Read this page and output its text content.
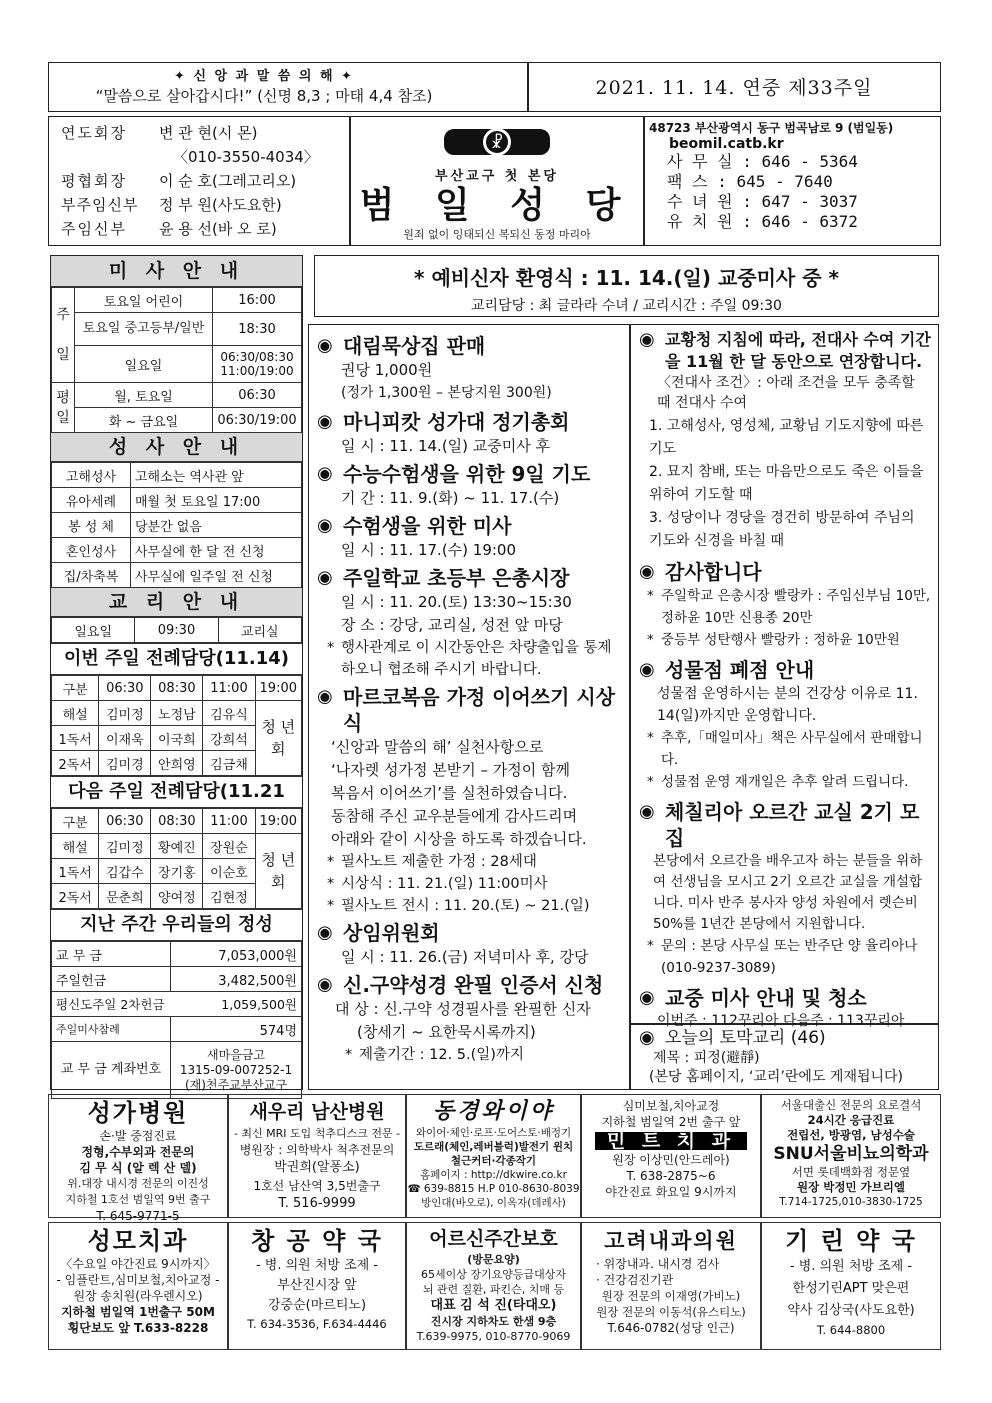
✦ 신 앙 과 말 씀 의 해 ✦
“말씀으로 살아갑시다!” (신명 8,3 ; 마태 4,4 참조)	2021. 11. 14. 연중 제33주일
연도회장 변 관 현(시 몬)
〈010-3550-4034〉
평협회장 이 순 호(그레고리오)
부주임신부 정 부 원(사도요한)
주임신부 윤 용 선(바 오 로)
☧
부산교구 첫 본당
범 일 성 당
원죄 없이 잉태되신 복되신 동정 마리아
48723 부산광역시 동구 범곡남로 9 (범일동)
beomil.catb.kr
사 무 실 : 646 - 5364
팩 스 : 645 - 7640
수 녀 원 : 647 - 3037
유 치 원 : 646 - 6372
미 사 안 내
주 일	토요일 어린이	16:00
	토요일 중고등부/일반	18:30
	일요일	06:30/08:30 11:00/19:00
평 일	월, 토요일	06:30
	화 ~ 금요일	06:30/19:00
성 사 안 내
고해성사	고해소는 역사관 앞
유아세례	매월 첫 토요일 17:00
봉 성 체	당분간 없음
혼인성사	사무실에 한 달 전 신청
집/차축복	사무실에 일주일 전 신청
교 리 안 내
일요일	09:30	교리실
이번 주일 전례담당(11.14)
구분	06:30	08:30	11:00	19:00
해설	김미정	노정남	김유식	청 년 회
1독서	이재욱	이국희	강희석	
2독서	김미경	안희영	김금채	
다음 주일 전례담당(11.21
구분	06:30	08:30	11:00	19:00
해설	김미정	황예진	장원순	청 년 회
1독서	김갑수	장기홍	이순호	
2독서	문춘희	양여정	김현정	
지난 주간 우리들의 정성
교 무 금	7,053,000원
주일헌금	3,482,500원
평신도주일 2차헌금 1,059,500원	

주일미사참례	574명
교 무 금 계좌번호	새마을금고
1315-09-007252-1
(재)천주교부산교구
* 예비신자 환영식 : 11. 14.(일) 교중미사 중 *
교리담당 : 최 글라라 수녀 / 교리시간 : 주일 09:30
◉ 대림묵상집 판매
권당 1,000원
(정가 1,300원 – 본당지원 300원)
◉ 마니피캇 성가대 정기총회
일 시 : 11. 14.(일) 교중미사 후
◉ 수능수험생을 위한 9일 기도
기 간 : 11. 9.(화) ~ 11. 17.(수)
◉ 수험생을 위한 미사
일 시 : 11. 17.(수) 19:00
◉ 주일학교 초등부 은총시장
일 시 : 11. 20.(토) 13:30~15:30
장 소 : 강당, 교리실, 성전 앞 마당
* 행사관계로 이 시간동안은 차량출입을 통제하오니 협조해 주시기 바랍니다.
◉ 마르코복음 가정 이어쓰기 시상식
‘신앙과 말씀의 해’ 실천사항으로
‘나자렛 성가정 본받기 – 가정이 함께
복음서 이어쓰기’를 실천하였습니다.
동참해 주신 교우분들에게 감사드리며
아래와 같이 시상을 하도록 하겠습니다.
* 필사노트 제출한 가정 : 28세대
* 시상식 : 11. 21.(일) 11:00미사
* 필사노트 전시 : 11. 20.(토) ~ 21.(일)
◉ 상임위원회
일 시 : 11. 26.(금) 저녁미사 후, 강당
◉ 신.구약성경 완필 인증서 신청
대 상 : 신.구약 성경필사를 완필한 신자
(창세기 ~ 요한묵시록까지)
* 제출기간 : 12. 5.(일)까지
◉ 교황청 지침에 따라, 전대사 수여 기간을 11월 한 달 동안으로 연장합니다.
〈전대사 조건〉: 아래 조건을 모두 충족할 때 전대사 수여
1. 고해성사, 영성체, 교황님 기도지향에 따른 기도
2. 묘지 참배, 또는 마음만으로도 죽은 이들을 위하여 기도할 때
3. 성당이나 경당을 경건히 방문하여 주님의 기도와 신경을 바칠 때
◉ 감사합니다
* 주일학교 은총시장 빨랑카 : 주임신부님 10만, 정하윤 10만 신용종 20만
* 중등부 성탄행사 빨랑카 : 정하윤 10만원
◉ 성물점 폐점 안내
성물점 운영하시는 분의 건강상 이유로 11. 14(일)까지만 운영합니다.
* 추후,「매일미사」책은 사무실에서 판매합니다.
* 성물점 운영 재개일은 추후 알려 드립니다.
◉ 체칠리아 오르간 교실 2기 모집
본당에서 오르간을 배우고자 하는 분들을 위하여 선생님을 모시고 2기 오르간 교실을 개설합니다. 미사 반주 봉사자 양성 차원에서 렛슨비 50%를 1년간 본당에서 지원합니다.
* 문의 : 본당 사무실 또는 반주단 양 율리아나(010-9237-3089)
◉ 교중 미사 안내 및 청소
이번주 : 112꾸리아 다음주 : 113꾸리아
◉ 오늘의 토막교리 (46)
제목 : 피정(避靜)
(본당 홈페이지, ‘교리’란에도 게재됩니다)
성가병원
손·발 중점진료
정형,수부외과 전문의
김 무 식 (알 렉 산 델)
위.대장 내시경 전문의 이진성
지하철 1호선 범일역 9번 출구
T. 645-9771-5
새우리 남산병원
- 최신 MRI 도입 척추디스크 전문 -
병원장 : 의학박사 척추전문의
박권희(알퐁소)
1호선 남산역 3,5번출구
T. 516-9999
동경와이야
와이어·체인·로프·도어스토·배정기
도르래(체인,레버블럭)발전기 윈치
철근커터·각종작기
홈페이지 : http://dkwire.co.kr
☎ 639-8815 H.P 010-8630-8039
방인대(바오로), 이옥자(데레사)
심미보철,치아교정
지하철 범일역 2번 출구 앞
민 트 치 과
원장 이상민(안드레아)
T. 638-2875~6
야간진료 화요일 9시까지
서울대출신 전문의 요로결석
24시간 응급진료
전립선, 방광염, 남성수술
SNU서울비뇨의학과
서면 롯데백화점 정문옆
원장 박정민 가브리엘
T.714-1725,010-3830-1725
성모치과
〈수요일 야간진료 9시까지〉
- 임플란트,심미보철,치아교정 -
원장 송치원(라우렌시오)
지하철 범일역 1번출구 50M
횡단보도 앞 T.633-8228
창 공 약 국
- 병. 의원 처방 조제 -
부산진시장 앞
강중순(마르티노)
T. 634-3536, F.634-4446
어르신주간보호
(방문요양)
65세이상 장기요양등급대상자
뇌 관련 질환, 파킨슨, 치매 등
대표 김 석 진(타대오)
진시장 지하차도 한샘 9층
T.639-9975, 010-8770-9069
고려내과의원
· 위장내과. 내시경 검사
· 건강검진기관
원장 전문의 이재영(가비노)
원장 전문의 이동석(유스티노)
T.646-0782(성당 인근)
기 린 약 국
- 병. 의원 처방 조제 -
한성기린APT 맞은편
약사 김상국(사도요한)
T. 644-8800
